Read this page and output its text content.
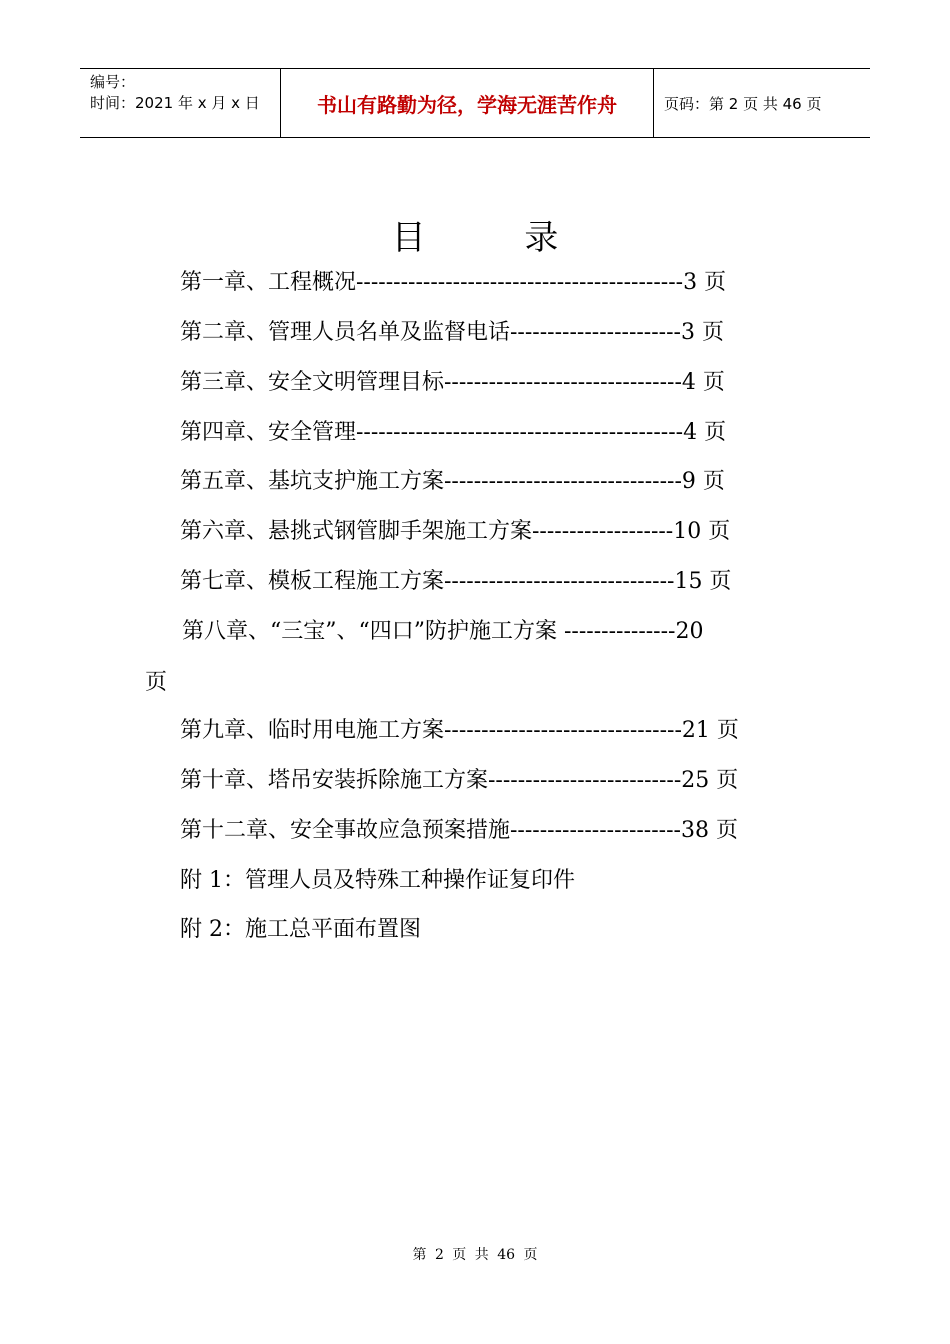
编号：
时间：2021 年 x 月 x 日	书山有路勤为径，学海无涯苦作舟	页码：第 2 页 共 46 页
目 录
第一章、工程概况--------------------------------------------3 页
第二章、管理人员名单及监督电话-----------------------3 页
第三章、安全文明管理目标--------------------------------4 页
第四章、安全管理--------------------------------------------4 页
第五章、基坑支护施工方案--------------------------------9 页
第六章、悬挑式钢管脚手架施工方案-------------------10 页
第七章、模板工程施工方案-------------------------------15 页
第八章、“三宝”、“四口”防护施工方案 ---------------20
页
第九章、临时用电施工方案--------------------------------21 页
第十章、塔吊安装拆除施工方案--------------------------25 页
第十二章、安全事故应急预案措施-----------------------38 页
附 1：管理人员及特殊工种操作证复印件
附 2：施工总平面布置图
第 2 页 共 46 页
